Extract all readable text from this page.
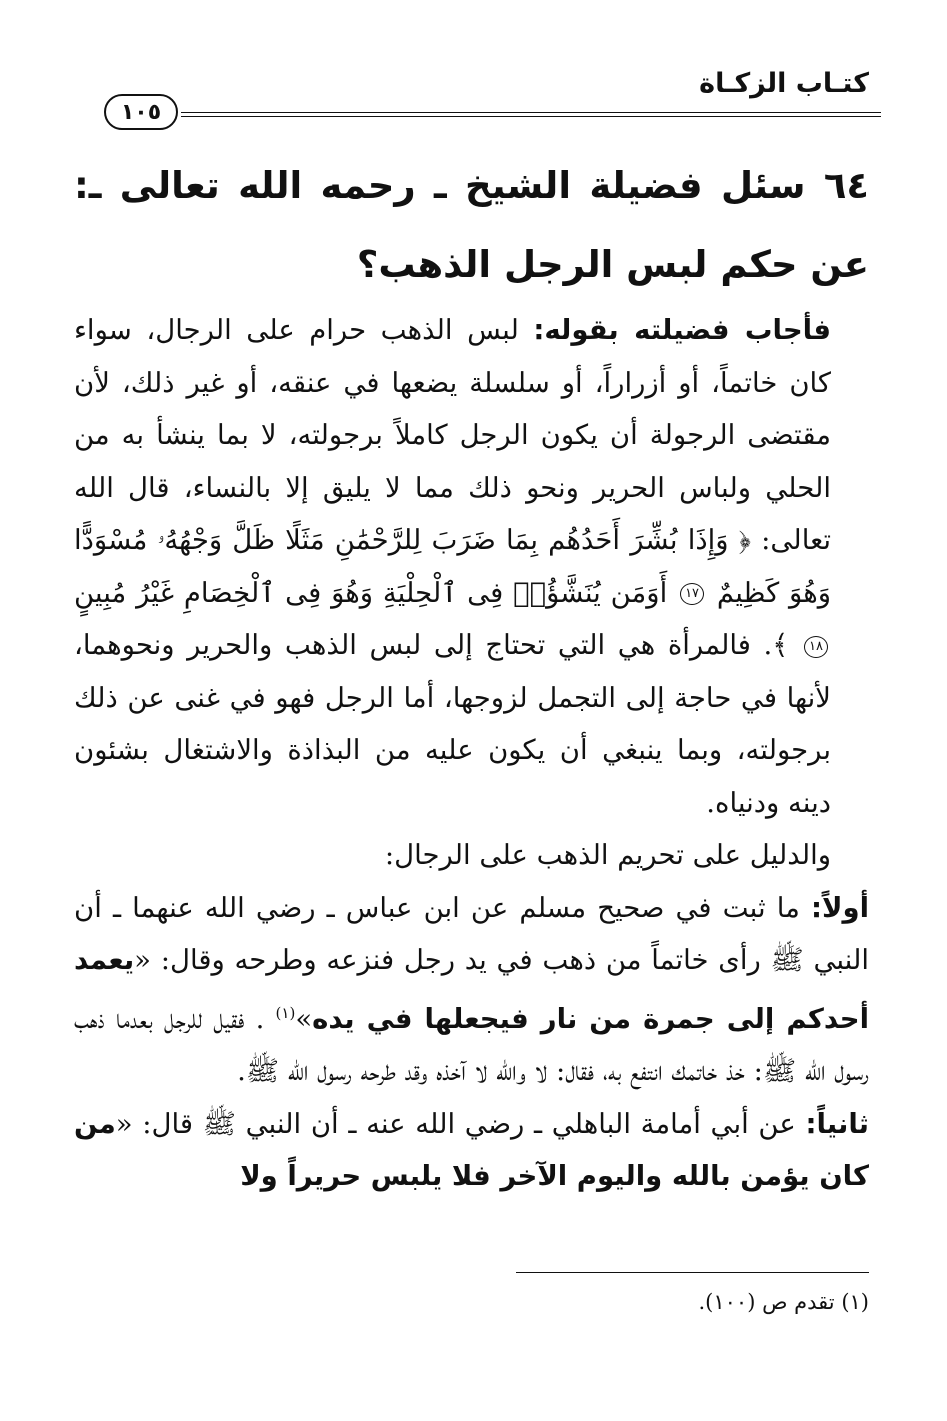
كتـاب الزكـاة
١٠٥

٦٤ سئل فضيلة الشيخ ـ رحمه الله تعالى ـ: عن حكم لبس الرجل الذهب؟

فأجاب فضيلته بقوله: لبس الذهب حرام على الرجال، سواء كان خاتماً، أو أزراراً، أو سلسلة يضعها في عنقه، أو غير ذلك، لأن مقتضى الرجولة أن يكون الرجل كاملاً برجولته، لا بما ينشأ به من الحلي ولباس الحرير ونحو ذلك مما لا يليق إلا بالنساء، قال الله تعالى: ﴿ وَإِذَا بُشِّرَ أَحَدُهُم بِمَا ضَرَبَ لِلرَّحْمَٰنِ مَثَلًا ظَلَّ وَجْهُهُۥ مُسْوَدًّا وَهُوَ كَظِيمٌ ١٧ أَوَمَن يُنَشَّؤُا۟ فِى ٱلْحِلْيَةِ وَهُوَ فِى ٱلْخِصَامِ غَيْرُ مُبِينٍ ١٨ ﴾. فالمرأة هي التي تحتاج إلى لبس الذهب والحرير ونحوهما، لأنها في حاجة إلى التجمل لزوجها، أما الرجل فهو في غنى عن ذلك برجولته، وبما ينبغي أن يكون عليه من البذاذة والاشتغال بشئون دينه ودنياه.

والدليل على تحريم الذهب على الرجال:

أولاً: ما ثبت في صحيح مسلم عن ابن عباس ـ رضي الله عنهما ـ أن النبي ﷺ رأى خاتماً من ذهب في يد رجل فنزعه وطرحه وقال: «يعمد أحدكم إلى جمرة من نار فيجعلها في يده»$^{(١)}$ . فقيل للرجل بعدما ذهب رسول الله ﷺ: خذ خاتمك انتفع به، فقال: لا والله لا آخذه وقد طرحه رسول الله ﷺ.

ثانياً: عن أبي أمامة الباهلي ـ رضي الله عنه ـ أن النبي ﷺ قال: «من كان يؤمن بالله واليوم الآخر فلا يلبس حريراً ولا

(١) تقدم ص (١٠٠).
